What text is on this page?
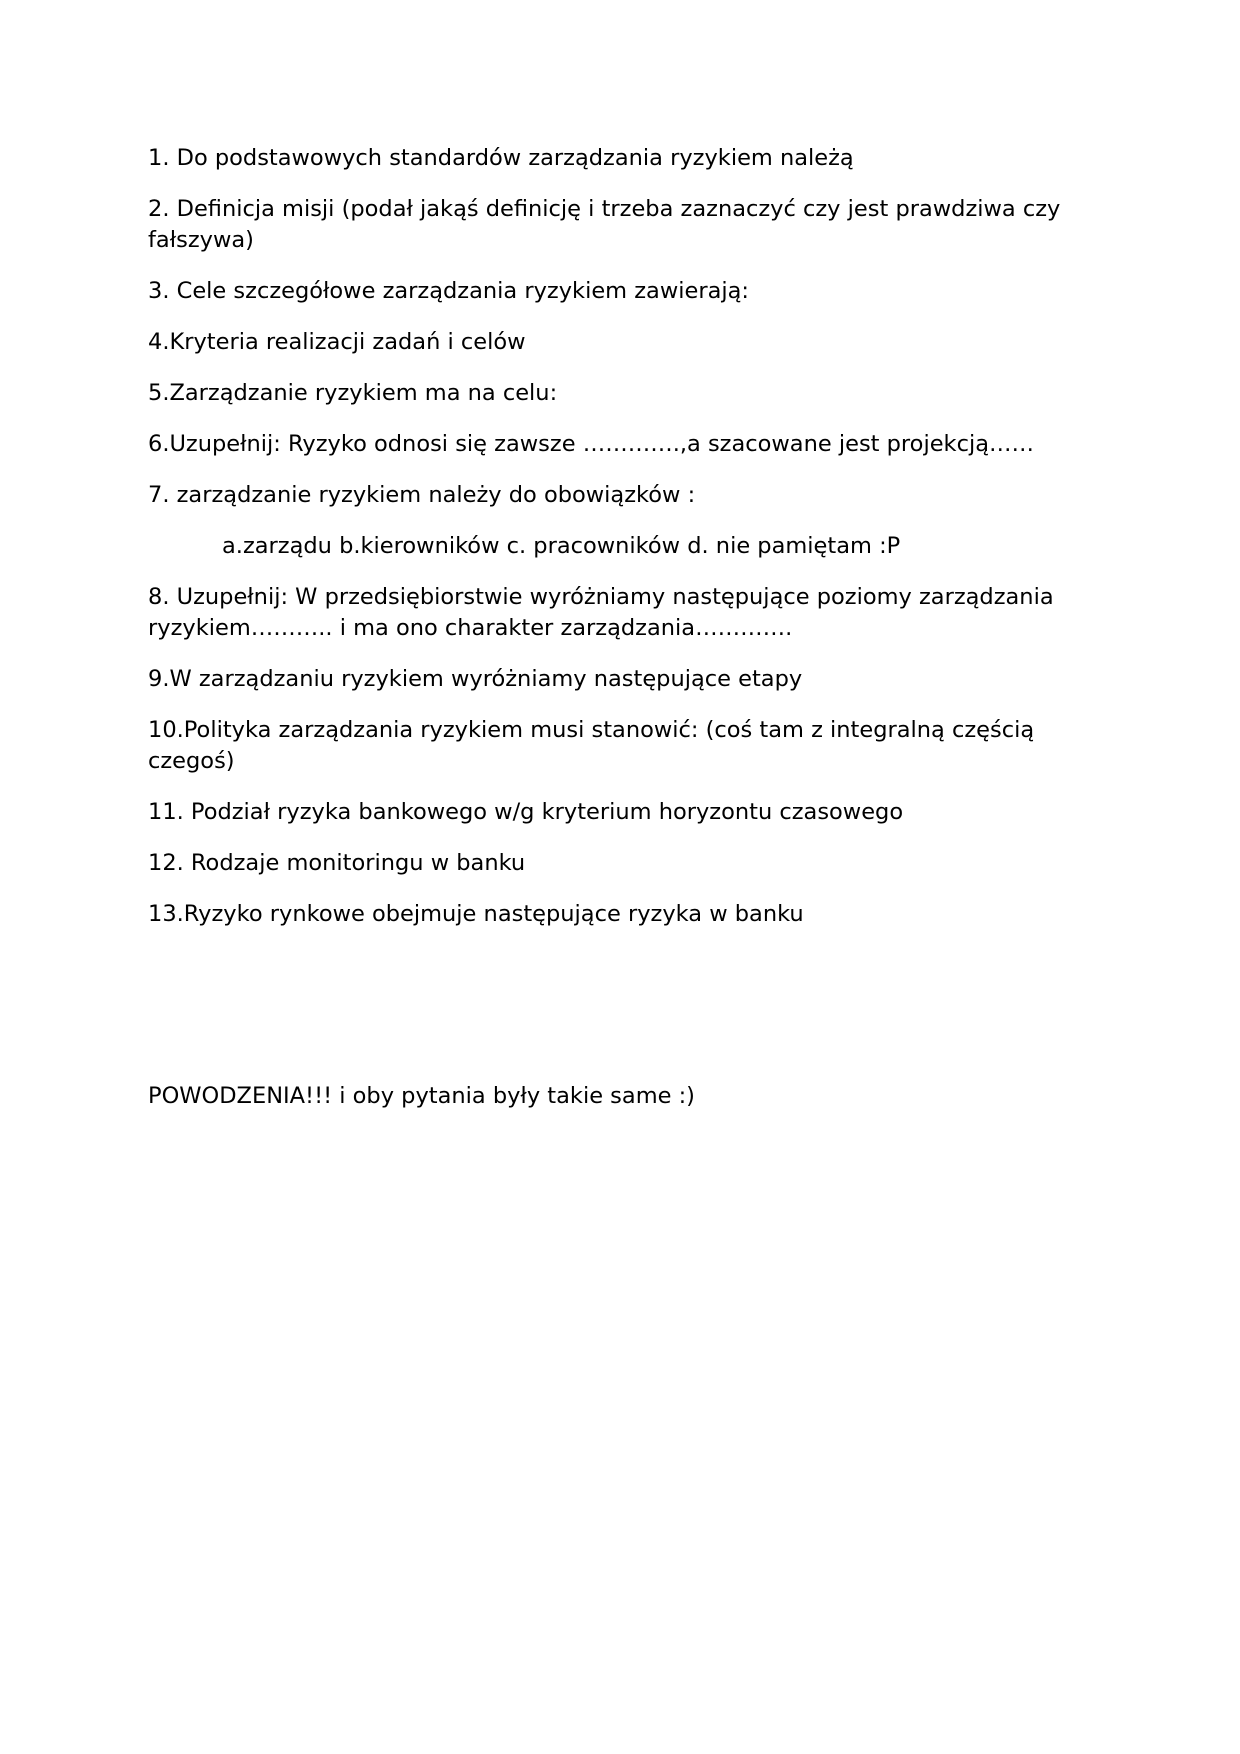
1. Do podstawowych standardów zarządzania ryzykiem należą

2. Definicja misji (podał jakąś definicję i trzeba zaznaczyć czy jest prawdziwa czy fałszywa)

3. Cele szczegółowe zarządzania ryzykiem zawierają:

4.Kryteria realizacji zadań i celów

5.Zarządzanie ryzykiem ma na celu:

6.Uzupełnij: Ryzyko odnosi się zawsze ………….,a szacowane jest projekcją……

7. zarządzanie ryzykiem należy do obowiązków :

a.zarządu b.kierowników c. pracowników d. nie pamiętam :P

8. Uzupełnij: W przedsiębiorstwie wyróżniamy następujące poziomy zarządzania ryzykiem……….. i ma ono charakter zarządzania………….

9.W zarządzaniu ryzykiem wyróżniamy następujące etapy

10.Polityka zarządzania ryzykiem musi stanowić: (coś tam z integralną częścią czegoś)

11. Podział ryzyka bankowego w/g kryterium horyzontu czasowego

12. Rodzaje monitoringu w banku

13.Ryzyko rynkowe obejmuje następujące ryzyka w banku

POWODZENIA!!! i oby pytania były takie same :)
